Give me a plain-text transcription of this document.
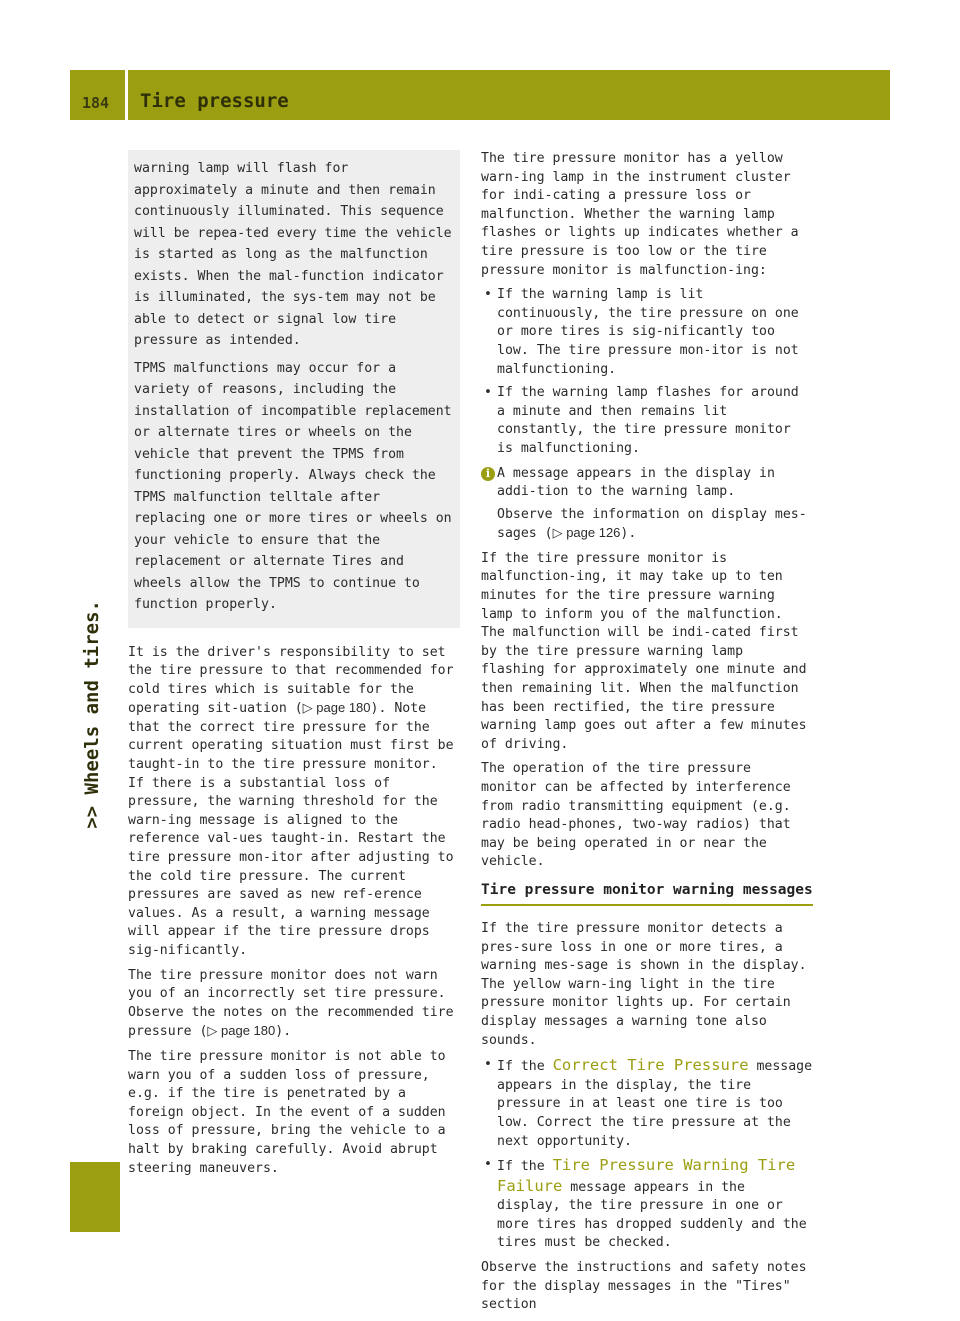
184 Tire pressure
>> Wheels and tires.

warning lamp will flash for approximately a minute and then remain continuously illuminated. This sequence will be repea-ted every time the vehicle is started as long as the malfunction exists. When the mal-function indicator is illuminated, the sys-tem may not be able to detect or signal low tire pressure as intended.

TPMS malfunctions may occur for a variety of reasons, including the installation of incompatible replacement or alternate tires or wheels on the vehicle that prevent the TPMS from functioning properly. Always check the TPMS malfunction telltale after replacing one or more tires or wheels on your vehicle to ensure that the replacement or alternate Tires and wheels allow the TPMS to continue to function properly.

It is the driver's responsibility to set the tire pressure to that recommended for cold tires which is suitable for the operating sit-uation (▷ page 180). Note that the correct tire pressure for the current operating situation must first be taught-in to the tire pressure monitor. If there is a substantial loss of pressure, the warning threshold for the warn-ing message is aligned to the reference val-ues taught-in. Restart the tire pressure mon-itor after adjusting to the cold tire pressure. The current pressures are saved as new ref-erence values. As a result, a warning message will appear if the tire pressure drops sig-nificantly.

The tire pressure monitor does not warn you of an incorrectly set tire pressure. Observe the notes on the recommended tire pressure (▷ page 180).

The tire pressure monitor is not able to warn you of a sudden loss of pressure, e.g. if the tire is penetrated by a foreign object. In the event of a sudden loss of pressure, bring the vehicle to a halt by braking carefully. Avoid abrupt steering maneuvers.

The tire pressure monitor has a yellow warn-ing lamp in the instrument cluster for indi-cating a pressure loss or malfunction. Whether the warning lamp flashes or lights up indicates whether a tire pressure is too low or the tire pressure monitor is malfunction-ing:

• If the warning lamp is lit continuously, the tire pressure on one or more tires is sig-nificantly too low. The tire pressure mon-itor is not malfunctioning.
• If the warning lamp flashes for around a minute and then remains lit constantly, the tire pressure monitor is malfunctioning.
i A message appears in the display in addi-tion to the warning lamp.

Observe the information on display mes-sages (▷ page 126).

If the tire pressure monitor is malfunction-ing, it may take up to ten minutes for the tire pressure warning lamp to inform you of the malfunction. The malfunction will be indi-cated first by the tire pressure warning lamp flashing for approximately one minute and then remaining lit. When the malfunction has been rectified, the tire pressure warning lamp goes out after a few minutes of driving.

The operation of the tire pressure monitor can be affected by interference from radio transmitting equipment (e.g. radio head-phones, two-way radios) that may be being operated in or near the vehicle.

Tire pressure monitor warning messages

If the tire pressure monitor detects a pres-sure loss in one or more tires, a warning mes-sage is shown in the display. The yellow warn-ing light in the tire pressure monitor lights up. For certain display messages a warning tone also sounds.

• If the Correct Tire Pressure message appears in the display, the tire pressure in at least one tire is too low. Correct the tire pressure at the next opportunity.
• If the Tire Pressure Warning Tire Failure message appears in the display, the tire pressure in one or more tires has dropped suddenly and the tires must be checked.

Observe the instructions and safety notes for the display messages in the "Tires" section
